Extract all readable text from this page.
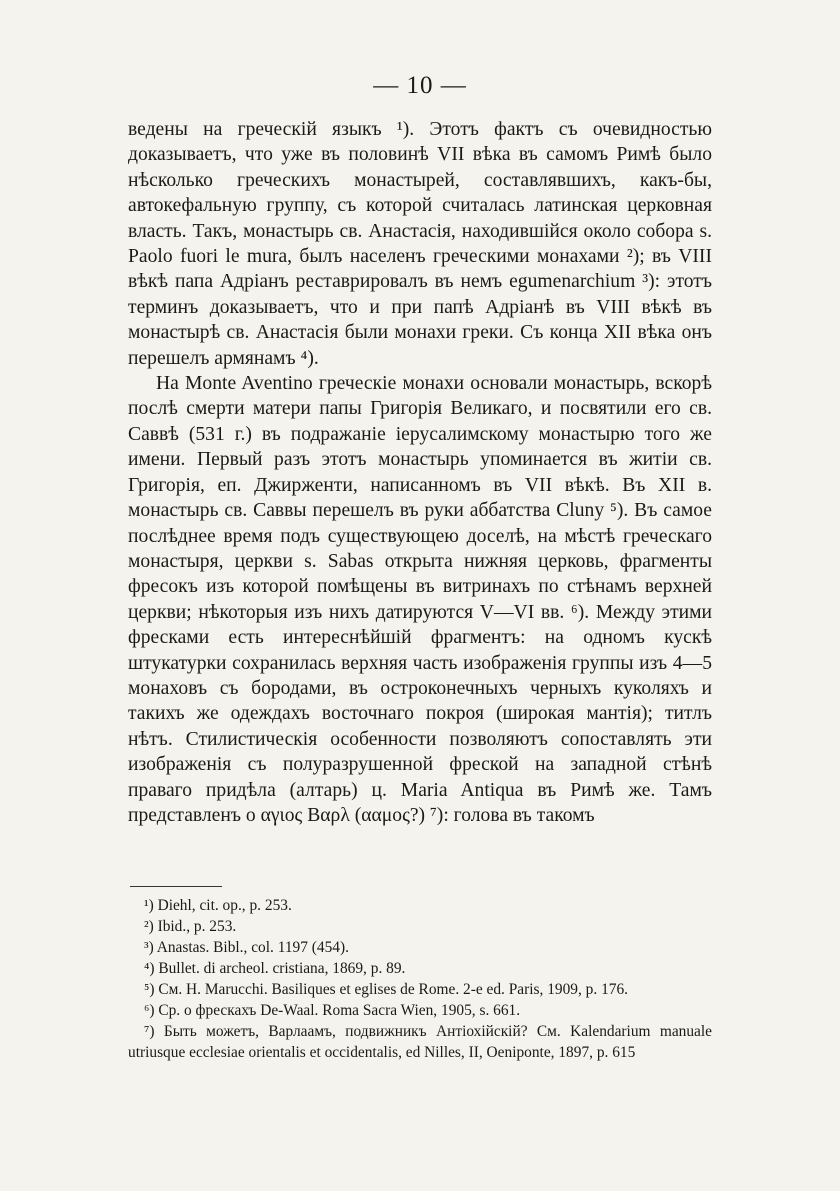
— 10 —

ведены на греческій языкъ ¹). Этотъ фактъ съ очевидностью доказываетъ, что уже въ половинѣ VII вѣка въ самомъ Римѣ было нѣсколько греческихъ монастырей, составлявшихъ, какъ-бы, автокефальную группу, съ которой считалась латинская церковная власть. Такъ, монастырь св. Анастасія, находившійся около собора s. Paolo fuori le mura, былъ населенъ греческими монахами ²); въ VIII вѣкѣ папа Адріанъ реставрировалъ въ немъ egumenarchium ³): этотъ терминъ доказываетъ, что и при папѣ Адріанѣ въ VIII вѣкѣ въ монастырѣ св. Анастасія были монахи греки. Съ конца XII вѣка онъ перешелъ армянамъ ⁴).

На Monte Aventino греческіе монахи основали монастырь, вскорѣ послѣ смерти матери папы Григорія Великаго, и посвятили его св. Саввѣ (531 г.) въ подражаніе іерусалимскому монастырю того же имени. Первый разъ этотъ монастырь упоминается въ житіи св. Григорія, еп. Джирженти, написанномъ въ VII вѣкѣ. Въ XII в. монастырь св. Саввы перешелъ въ руки аббатства Cluny ⁵). Въ самое послѣднее время подъ существующею доселѣ, на мѣстѣ греческаго монастыря, церкви s. Sabas открыта нижняя церковь, фрагменты фресокъ изъ которой помѣщены въ витринахъ по стѣнамъ верхней церкви; нѣкоторыя изъ нихъ датируются V—VI вв. ⁶). Между этими фресками есть интереснѣйшій фрагментъ: на одномъ кускѣ штукатурки сохранилась верхняя часть изображенія группы изъ 4—5 монаховъ съ бородами, въ остроконечныхъ черныхъ куколяхъ и такихъ же одеждахъ восточнаго покроя (широкая мантія); титлъ нѣтъ. Стилистическія особенности позволяютъ сопоставлять эти изображенія съ полуразрушенной фреской на западной стѣнѣ праваго придѣла (алтарь) ц. Maria Antiqua въ Римѣ же. Тамъ представленъ ο αγιος Βαρλ (ααμος?) ⁷): голова въ такомъ

¹) Diehl, cit. op., p. 253.

²) Ibid., p. 253.

³) Anastas. Bibl., col. 1197 (454).

⁴) Bullet. di archeol. cristiana, 1869, p. 89.

⁵) См. H. Marucchi. Basiliques et eglises de Rome. 2-e ed. Paris, 1909, p. 176.

⁶) Ср. о фрескахъ De-Waal. Roma Sacra Wien, 1905, s. 661.

⁷) Быть можетъ, Варлаамъ, подвижникъ Антіохійскій? См. Kalendarium manuale utriusque ecclesiae orientalis et occidentalis, ed Nilles, II, Oeniponte, 1897, p. 615
